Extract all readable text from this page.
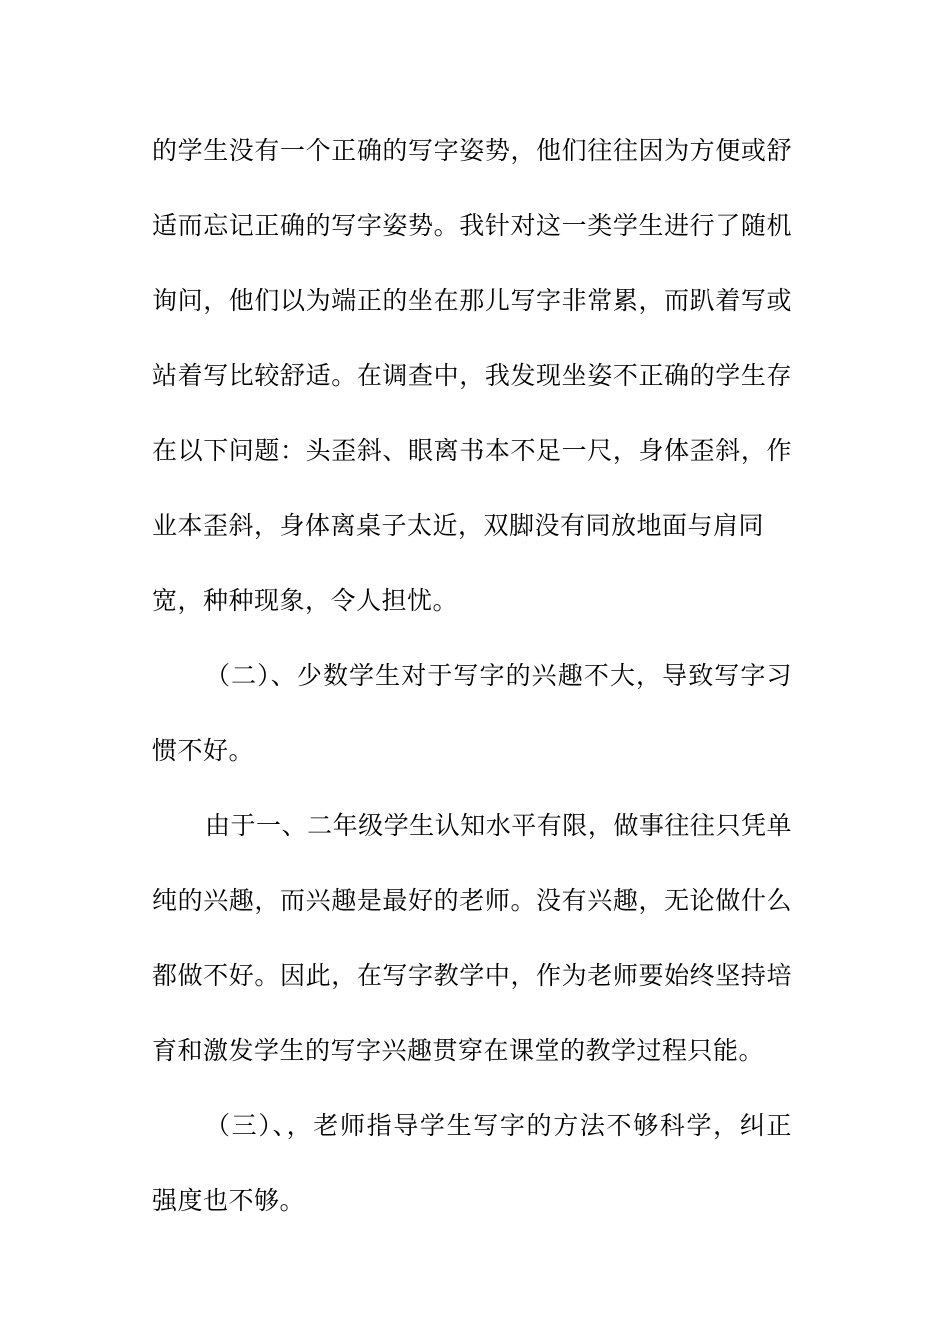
的学生没有一个正确的写字姿势，他们往往因为方便或舒
适而忘记正确的写字姿势。我针对这一类学生进行了随机
询问，他们以为端正的坐在那儿写字非常累，而趴着写或
站着写比较舒适。在调查中，我发现坐姿不正确的学生存
在以下问题：头歪斜、眼离书本不足一尺，身体歪斜，作
业本歪斜，身体离桌子太近，双脚没有同放地面与肩同
宽，种种现象，令人担忧。
（二）、少数学生对于写字的兴趣不大，导致写字习
惯不好。
由于一、二年级学生认知水平有限，做事往往只凭单
纯的兴趣，而兴趣是最好的老师。没有兴趣，无论做什么
都做不好。因此，在写字教学中，作为老师要始终坚持培
育和激发学生的写字兴趣贯穿在课堂的教学过程只能。
（三）、，老师指导学生写字的方法不够科学，纠正
强度也不够。
